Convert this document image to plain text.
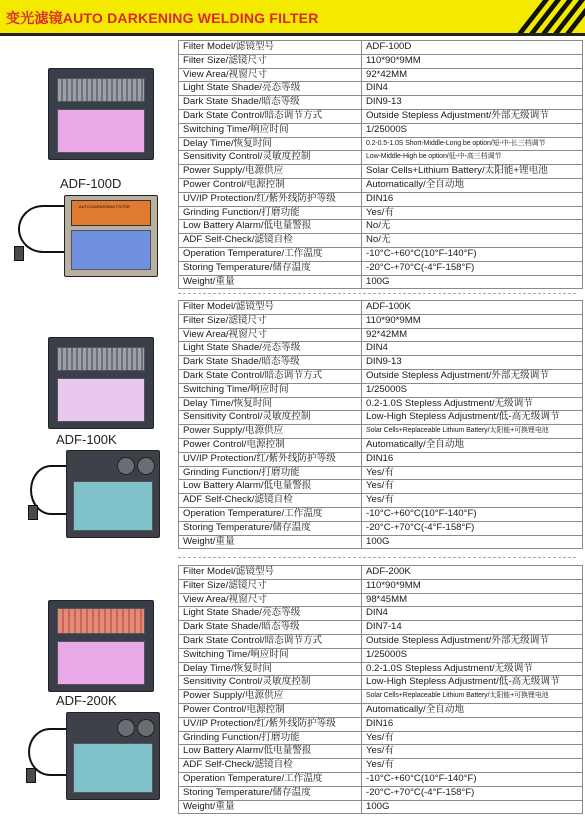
变光滤镜AUTO DARKENING WELDING FILTER
ADF-100D
AUTO-DARKENING FILTER
Filter Model/滤镜型号	ADF-100D
Filter Size/滤镜尺寸	110*90*9MM
View Area/视窗尺寸	92*42MM
Light State Shade/亮态等级	DIN4
Dark State Shade/暗态等级	DIN9-13
Dark State Control/暗态调节方式	Outside Stepless Adjustment/外部无级调节
Switching Time/响应时间	1/25000S
Delay Time/恢复时间	0.2-0.5-1.0S Short-Middle-Long be option/短-中-长三档调节
Sensitivity Control/灵敏度控制	Low-Middle-High be option/低-中-高三档调节
Power Supply/电源供应	Solar Cells+Lithium Battery/太阳能+锂电池
Power Control/电源控制	Automatically/全自动地
UV/IP Protection/红/紫外线防护等级	DIN16
Grinding Function/打磨功能	Yes/有
Low Battery Alarm/低电量警报	No/无
ADF Self-Check/滤镜自检	No/无
Operation Temperature/工作温度	-10°C-+60°C(10°F-140°F)
Storing Temperature/储存温度	-20°C-+70°C(-4°F-158°F)
Weight/重量	100G
ADF-100K
Filter Model/滤镜型号	ADF-100K
Filter Size/滤镜尺寸	110*90*9MM
View Area/视窗尺寸	92*42MM
Light State Shade/亮态等级	DIN4
Dark State Shade/暗态等级	DIN9-13
Dark State Control/暗态调节方式	Outside Stepless Adjustment/外部无级调节
Switching Time/响应时间	1/25000S
Delay Time/恢复时间	0.2-1.0S Stepless Adjustment/无级调节
Sensitivity Control/灵敏度控制	Low-High Stepless Adjustment/低-高无级调节
Power Supply/电源供应	Solar Cells+Replaceable Lithium Battery/太阳能+可换锂电池
Power Control/电源控制	Automatically/全自动地
UV/IP Protection/红/紫外线防护等级	DIN16
Grinding Function/打磨功能	Yes/有
Low Battery Alarm/低电量警报	Yes/有
ADF Self-Check/滤镜自检	Yes/有
Operation Temperature/工作温度	-10°C-+60°C(10°F-140°F)
Storing Temperature/储存温度	-20°C-+70°C(-4°F-158°F)
Weight/重量	100G
ADF-200K
Filter Model/滤镜型号	ADF-200K
Filter Size/滤镜尺寸	110*90*9MM
View Area/视窗尺寸	98*45MM
Light State Shade/亮态等级	DIN4
Dark State Shade/暗态等级	DIN7-14
Dark State Control/暗态调节方式	Outside Stepless Adjustment/外部无级调节
Switching Time/响应时间	1/25000S
Delay Time/恢复时间	0.2-1.0S Stepless Adjustment/无级调节
Sensitivity Control/灵敏度控制	Low-High Stepless Adjustment/低-高无级调节
Power Supply/电源供应	Solar Cells+Replaceable Lithium Battery/太阳能+可换锂电池
Power Control/电源控制	Automatically/全自动地
UV/IP Protection/红/紫外线防护等级	DIN16
Grinding Function/打磨功能	Yes/有
Low Battery Alarm/低电量警报	Yes/有
ADF Self-Check/滤镜自检	Yes/有
Operation Temperature/工作温度	-10°C-+60°C(10°F-140°F)
Storing Temperature/储存温度	-20°C-+70°C(-4°F-158°F)
Weight/重量	100G
